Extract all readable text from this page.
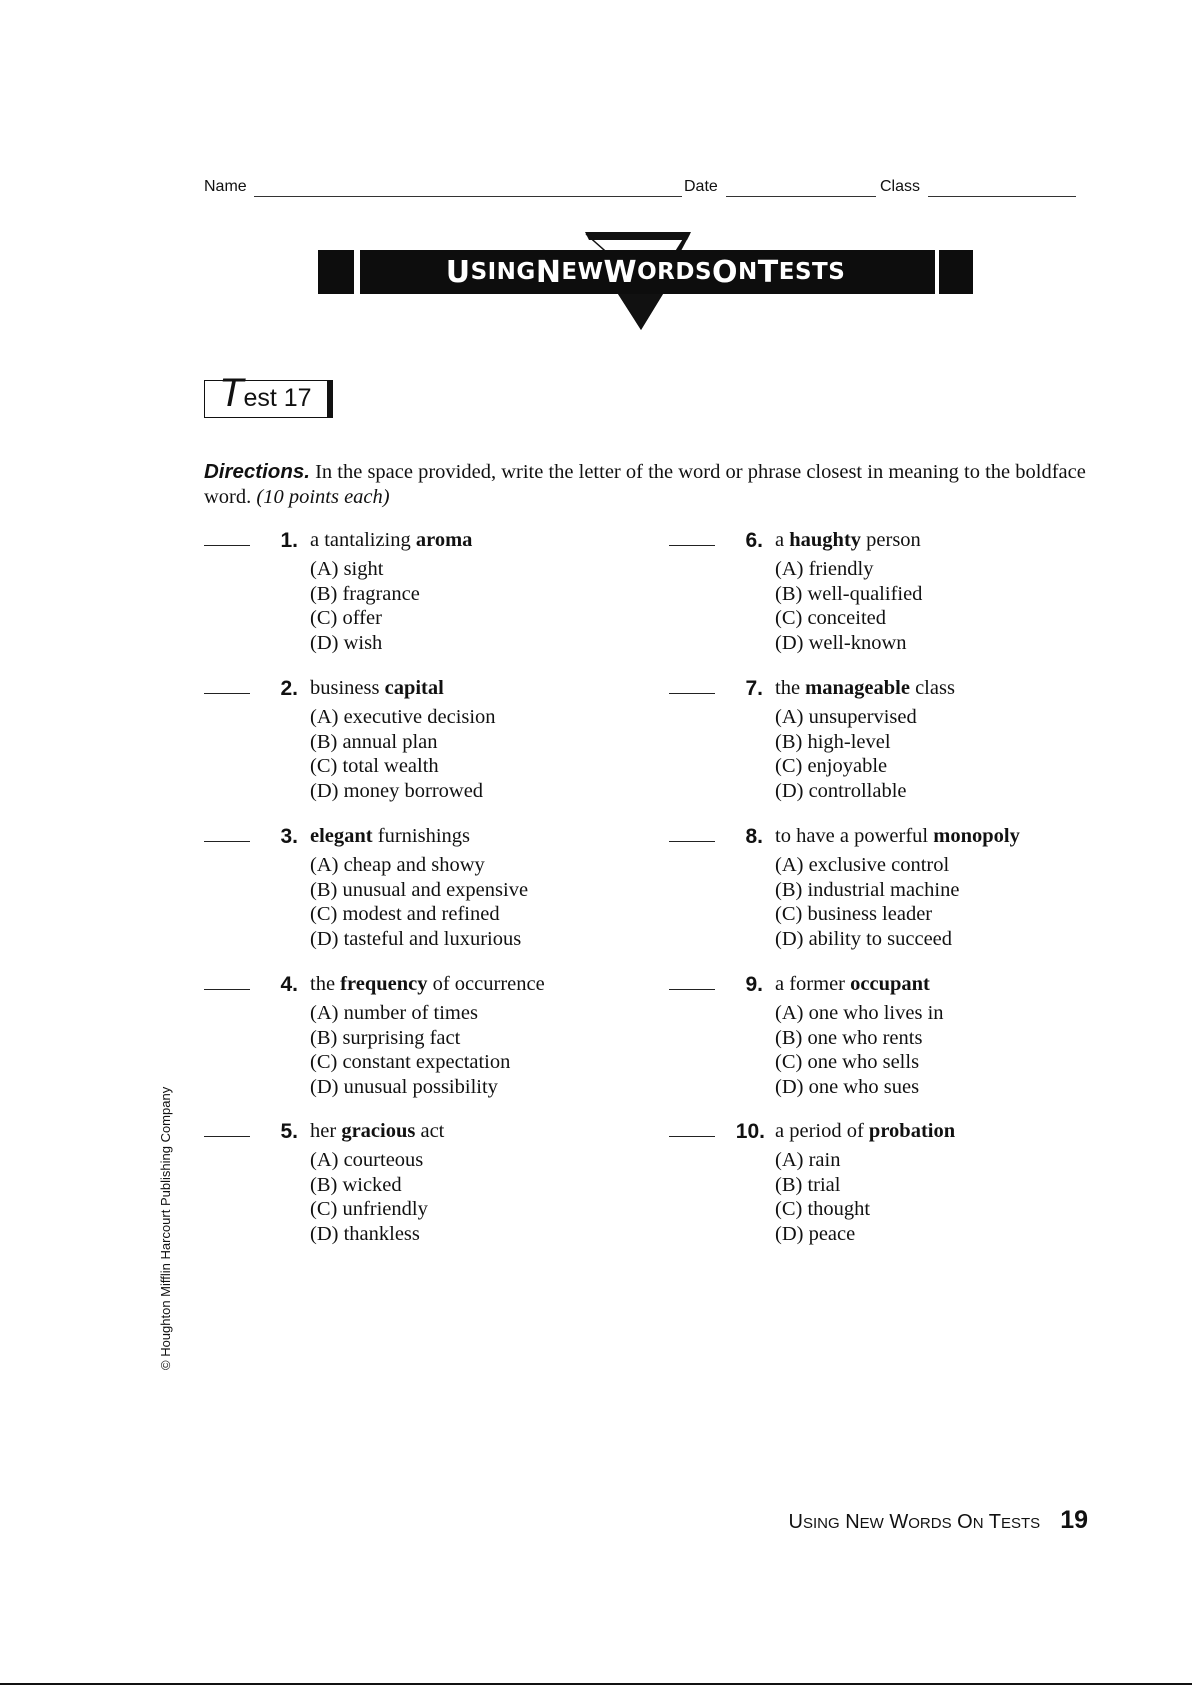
Name	Date	Class
U SING N EW W ORDS O N T ESTS
Test 17
Directions. In the space provided, write the letter of the word or phrase closest in meaning to the boldface word. (10 points each)
1. a tantalizing aroma
(A) sight
(B) fragrance
(C) offer
(D) wish
2. business capital
(A) executive decision
(B) annual plan
(C) total wealth
(D) money borrowed
3. elegant furnishings
(A) cheap and showy
(B) unusual and expensive
(C) modest and refined
(D) tasteful and luxurious
4. the frequency of occurrence
(A) number of times
(B) surprising fact
(C) constant expectation
(D) unusual possibility
5. her gracious act
(A) courteous
(B) wicked
(C) unfriendly
(D) thankless
6. a haughty person
(A) friendly
(B) well-qualified
(C) conceited
(D) well-known
7. the manageable class
(A) unsupervised
(B) high-level
(C) enjoyable
(D) controllable
8. to have a powerful monopoly
(A) exclusive control
(B) industrial machine
(C) business leader
(D) ability to succeed
9. a former occupant
(A) one who lives in
(B) one who rents
(C) one who sells
(D) one who sues
10. a period of probation
(A) rain
(B) trial
(C) thought
(D) peace
© Houghton Mifflin Harcourt Publishing Company
USING NEW WORDS ON TESTS 19
